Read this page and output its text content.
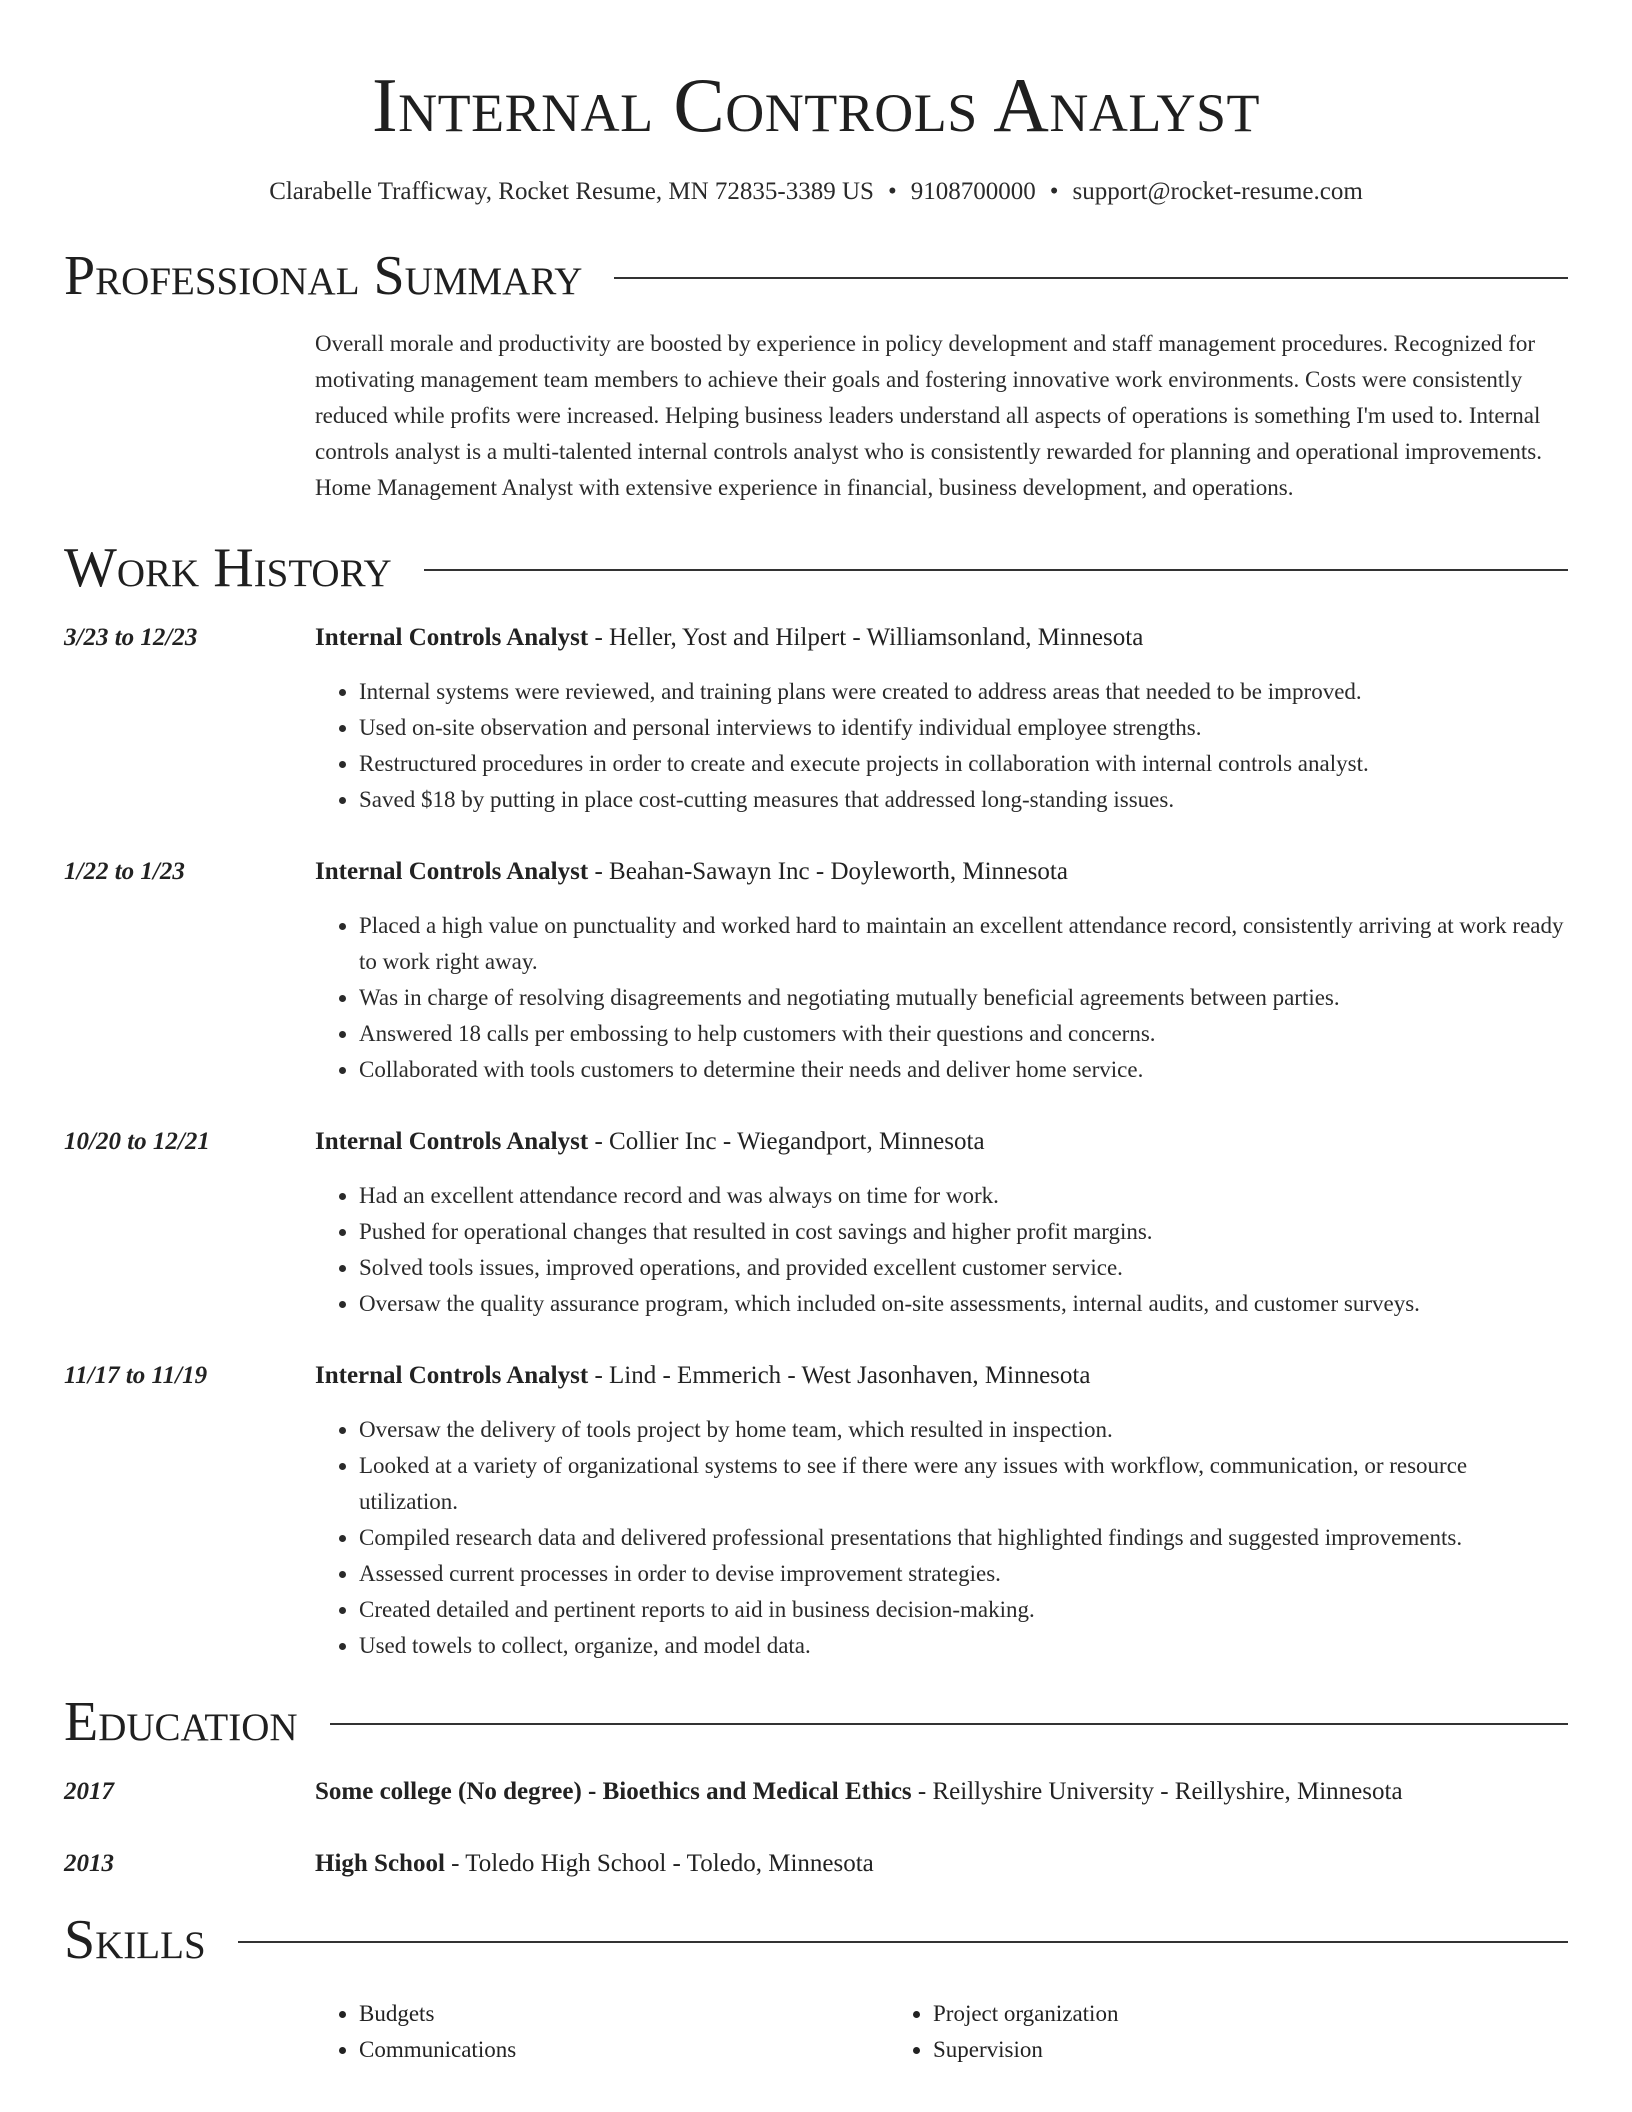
Internal Controls Analyst
Clarabelle Trafficway, Rocket Resume, MN 72835-3389 US • 9108700000 • support@rocket-resume.com
Professional Summary
Overall morale and productivity are boosted by experience in policy development and staff management procedures. Recognized for motivating management team members to achieve their goals and fostering innovative work environments. Costs were consistently reduced while profits were increased. Helping business leaders understand all aspects of operations is something I'm used to. Internal controls analyst is a multi-talented internal controls analyst who is consistently rewarded for planning and operational improvements. Home Management Analyst with extensive experience in financial, business development, and operations.
Work History
3/23 to 12/23	Internal Controls Analyst - Heller, Yost and Hilpert - Williamsonland, Minnesota
• Internal systems were reviewed, and training plans were created to address areas that needed to be improved.
• Used on-site observation and personal interviews to identify individual employee strengths.
• Restructured procedures in order to create and execute projects in collaboration with internal controls analyst.
• Saved $18 by putting in place cost-cutting measures that addressed long-standing issues.
1/22 to 1/23	Internal Controls Analyst - Beahan-Sawayn Inc - Doyleworth, Minnesota
• Placed a high value on punctuality and worked hard to maintain an excellent attendance record, consistently arriving at work ready to work right away.
• Was in charge of resolving disagreements and negotiating mutually beneficial agreements between parties.
• Answered 18 calls per embossing to help customers with their questions and concerns.
• Collaborated with tools customers to determine their needs and deliver home service.
10/20 to 12/21	Internal Controls Analyst - Collier Inc - Wiegandport, Minnesota
• Had an excellent attendance record and was always on time for work.
• Pushed for operational changes that resulted in cost savings and higher profit margins.
• Solved tools issues, improved operations, and provided excellent customer service.
• Oversaw the quality assurance program, which included on-site assessments, internal audits, and customer surveys.
11/17 to 11/19	Internal Controls Analyst - Lind - Emmerich - West Jasonhaven, Minnesota
• Oversaw the delivery of tools project by home team, which resulted in inspection.
• Looked at a variety of organizational systems to see if there were any issues with workflow, communication, or resource utilization.
• Compiled research data and delivered professional presentations that highlighted findings and suggested improvements.
• Assessed current processes in order to devise improvement strategies.
• Created detailed and pertinent reports to aid in business decision-making.
• Used towels to collect, organize, and model data.
Education
2017	Some college (No degree) - Bioethics and Medical Ethics - Reillyshire University - Reillyshire, Minnesota
2013	High School - Toledo High School - Toledo, Minnesota
Skills
• Budgets
• Communications
• Project organization
• Supervision
